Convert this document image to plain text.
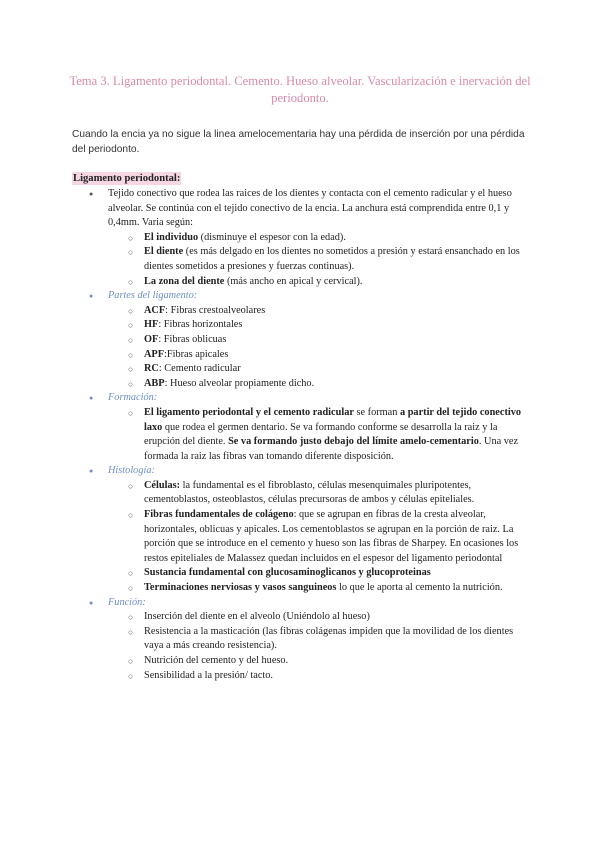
Tema 3. Ligamento periodontal. Cemento. Hueso alveolar. Vascularización e inervación del periodonto.
Cuando la encia ya no sigue la linea amelocementaria hay una pérdida de inserción por una pérdida del periodonto.
Ligamento periodontal:
● Tejido conectivo que rodea las raices de los dientes y contacta con el cemento radicular y el hueso alveolar. Se continúa con el tejido conectivo de la encia. La anchura está comprendida entre 0,1 y 0,4mm. Varia según:
○ El individuo (disminuye el espesor con la edad).
○ El diente (es más delgado en los dientes no sometidos a presión y estará ensanchado en los dientes sometidos a presiones y fuerzas continuas).
○ La zona del diente (más ancho en apical y cervical).
● Partes del ligamento:
○ ACF: Fibras crestoalveolares
○ HF: Fibras horizontales
○ OF: Fibras oblicuas
○ APF:Fibras apicales
○ RC: Cemento radicular
○ ABP: Hueso alveolar propiamente dicho.
● Formación:
○ El ligamento periodontal y el cemento radicular se forman a partir del tejido conectivo laxo que rodea el germen dentario. Se va formando conforme se desarrolla la raiz y la erupción del diente. Se va formando justo debajo del límite amelo-cementario. Una vez formada la raiz las fibras van tomando diferente disposición.
● Histología:
○ Células: la fundamental es el fibroblasto, células mesenquimales pluripotentes, cementoblastos, osteoblastos, células precursoras de ambos y células epiteliales.
○ Fibras fundamentales de colágeno: que se agrupan en fibras de la cresta alveolar, horizontales, oblicuas y apicales. Los cementoblastos se agrupan en la porción de raiz. La porción que se introduce en el cemento y hueso son las fibras de Sharpey. En ocasiones los restos epiteliales de Malassez quedan incluidos en el espesor del ligamento periodontal
○ Sustancia fundamental con glucosaminoglicanos y glucoproteinas
○ Terminaciones nerviosas y vasos sanguineos lo que le aporta al cemento la nutrición.
● Función:
○ Inserción del diente en el alveolo (Uniéndolo al hueso)
○ Resistencia a la masticación (las fibras colágenas impiden que la movilidad de los dientes vaya a más creando resistencia).
○ Nutrición del cemento y del hueso.
○ Sensibilidad a la presión/ tacto.
